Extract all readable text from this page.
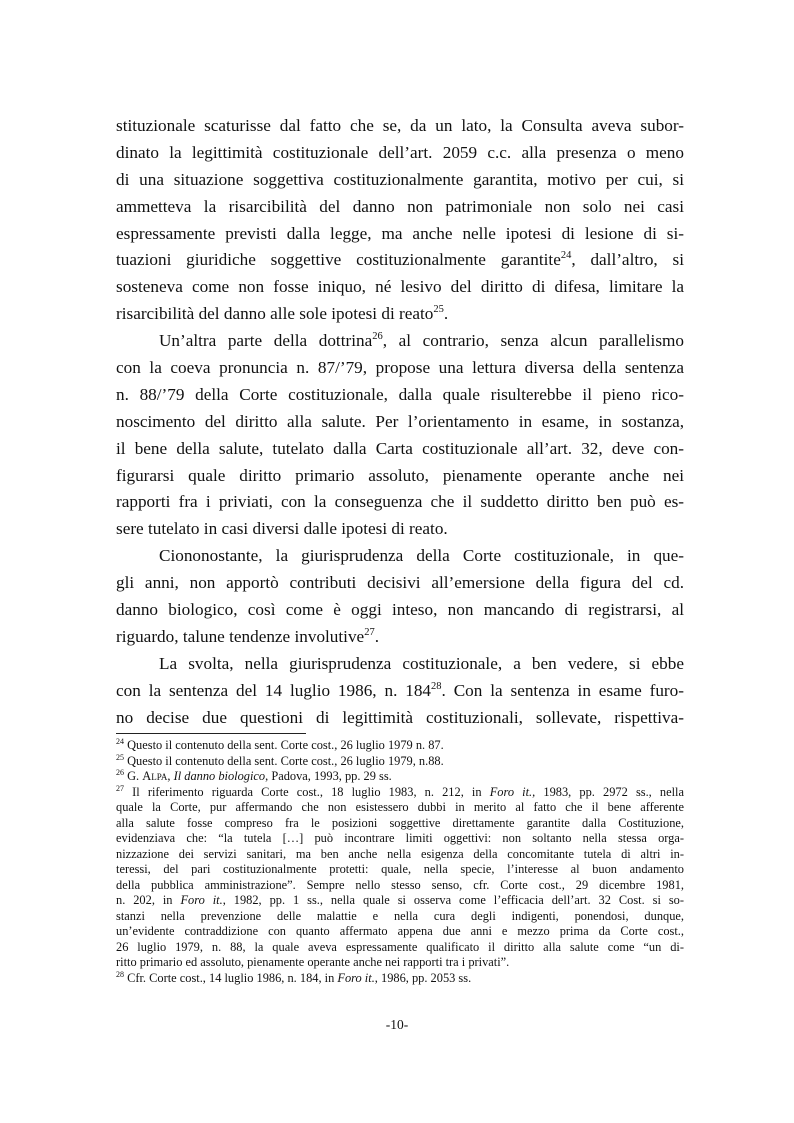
stituzionale scaturisse dal fatto che se, da un lato, la Consulta aveva subor-
dinato la legittimità costituzionale dell’art. 2059 c.c. alla presenza o meno
di una situazione soggettiva costituzionalmente garantita, motivo per cui, si
ammetteva la risarcibilità del danno non patrimoniale non solo nei casi
espressamente previsti dalla legge, ma anche nelle ipotesi di lesione di si-
tuazioni giuridiche soggettive costituzionalmente garantite$^{24}$, dall’altro, si
sosteneva come non fosse iniquo, né lesivo del diritto di difesa, limitare la
risarcibilità del danno alle sole ipotesi di reato$^{25}$.
Un’altra parte della dottrina$^{26}$, al contrario, senza alcun parallelismo
con la coeva pronuncia n. 87/’79, propose una lettura diversa della sentenza
n. 88/’79 della Corte costituzionale, dalla quale risulterebbe il pieno rico-
noscimento del diritto alla salute. Per l’orientamento in esame, in sostanza,
il bene della salute, tutelato dalla Carta costituzionale all’art. 32, deve con-
figurarsi quale diritto primario assoluto, pienamente operante anche nei
rapporti fra i priviati, con la conseguenza che il suddetto diritto ben può es-
sere tutelato in casi diversi dalle ipotesi di reato.
Ciononostante, la giurisprudenza della Corte costituzionale, in que-
gli anni, non apportò contributi decisivi all’emersione della figura del cd.
danno biologico, così come è oggi inteso, non mancando di registrarsi, al
riguardo, talune tendenze involutive$^{27}$.
La svolta, nella giurisprudenza costituzionale, a ben vedere, si ebbe
con la sentenza del 14 luglio 1986, n. $184^{28}$. Con la sentenza in esame furo-
no decise due questioni di legittimità costituzionali, sollevate, rispettiva-
$^{24}$ Questo il contenuto della sent. Corte cost., 26 luglio 1979 n. 87.
$^{25}$ Questo il contenuto della sent. Corte cost., 26 luglio 1979, n.88.
$^{26}$ G. Alpa, Il danno biologico, Padova, 1993, pp. 29 ss.
$^{27}$ Il riferimento riguarda Corte cost., 18 luglio 1983, n. 212, in Foro it., 1983, pp. 2972 ss., nella
quale la Corte, pur affermando che non esistessero dubbi in merito al fatto che il bene afferente
alla salute fosse compreso fra le posizioni soggettive direttamente garantite dalla Costituzione,
evidenziava che: “la tutela […] può incontrare limiti oggettivi: non soltanto nella stessa orga-
nizzazione dei servizi sanitari, ma ben anche nella esigenza della concomitante tutela di altri in-
teressi, del pari costituzionalmente protetti: quale, nella specie, l’interesse al buon andamento
della pubblica amministrazione”. Sempre nello stesso senso, cfr. Corte cost., 29 dicembre 1981,
n. 202, in Foro it., 1982, pp. 1 ss., nella quale si osserva come l’efficacia dell’art. 32 Cost. si so-
stanzi nella prevenzione delle malattie e nella cura degli indigenti, ponendosi, dunque,
un’evidente contraddizione con quanto affermato appena due anni e mezzo prima da Corte cost.,
26 luglio 1979, n. 88, la quale aveva espressamente qualificato il diritto alla salute come “un di-
ritto primario ed assoluto, pienamente operante anche nei rapporti tra i privati”.
$^{28}$ Cfr. Corte cost., 14 luglio 1986, n. 184, in Foro it., 1986, pp. 2053 ss.
-10-
